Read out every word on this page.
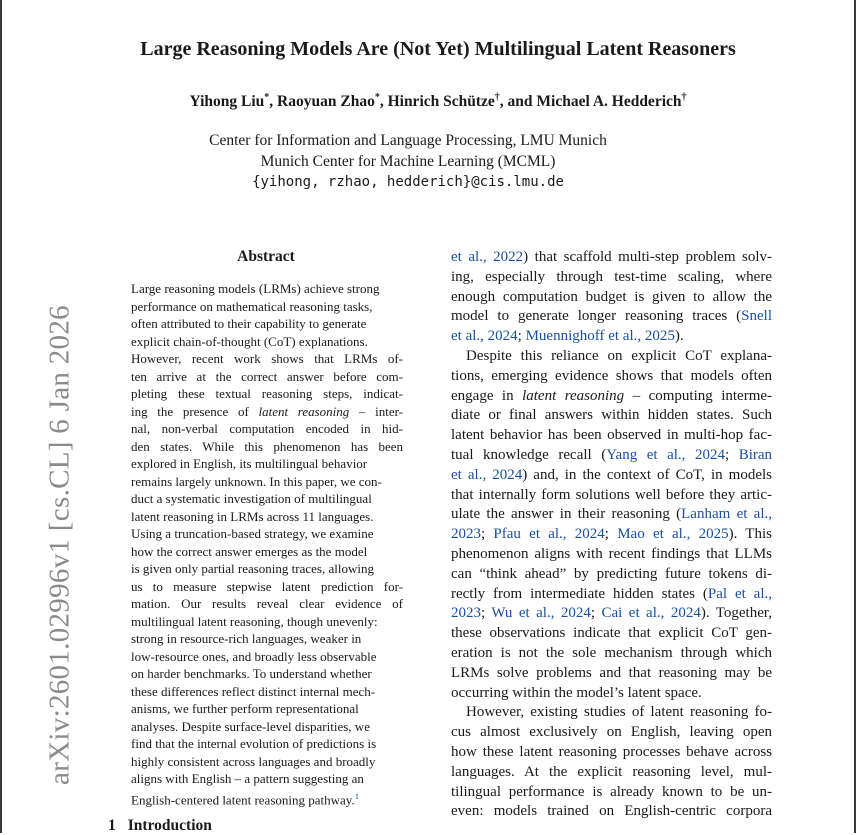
arXiv:2601.02996v1 [cs.CL] 6 Jan 2026
Large Reasoning Models Are (Not Yet) Multilingual Latent Reasoners
Yihong Liu*, Raoyuan Zhao*, Hinrich Schütze†, and Michael A. Hedderich†
Center for Information and Language Processing, LMU Munich
Munich Center for Machine Learning (MCML)
{yihong, rzhao, hedderich}@cis.lmu.de
Abstract
Large reasoning models (LRMs) achieve strong
performance on mathematical reasoning tasks,
often attributed to their capability to generate
explicit chain-of-thought (CoT) explanations.
However, recent work shows that LRMs of-
ten arrive at the correct answer before com-
pleting these textual reasoning steps, indicat-
ing the presence of latent reasoning – inter-
nal, non-verbal computation encoded in hid-
den states. While this phenomenon has been
explored in English, its multilingual behavior
remains largely unknown. In this paper, we con-
duct a systematic investigation of multilingual
latent reasoning in LRMs across 11 languages.
Using a truncation-based strategy, we examine
how the correct answer emerges as the model
is given only partial reasoning traces, allowing
us to measure stepwise latent prediction for-
mation. Our results reveal clear evidence of
multilingual latent reasoning, though unevenly:
strong in resource-rich languages, weaker in
low-resource ones, and broadly less observable
on harder benchmarks. To understand whether
these differences reflect distinct internal mech-
anisms, we further perform representational
analyses. Despite surface-level disparities, we
find that the internal evolution of predictions is
highly consistent across languages and broadly
aligns with English – a pattern suggesting an
English-centered latent reasoning pathway.$^1$
1 Introduction
et al., 2022) that scaffold multi-step problem solv-
ing, especially through test-time scaling, where
enough computation budget is given to allow the
model to generate longer reasoning traces (Snell
et al., 2024; Muennighoff et al., 2025).
Despite this reliance on explicit CoT explana-
tions, emerging evidence shows that models often
engage in latent reasoning – computing interme-
diate or final answers within hidden states. Such
latent behavior has been observed in multi-hop fac-
tual knowledge recall (Yang et al., 2024; Biran
et al., 2024) and, in the context of CoT, in models
that internally form solutions well before they artic-
ulate the answer in their reasoning (Lanham et al.,
2023; Pfau et al., 2024; Mao et al., 2025). This
phenomenon aligns with recent findings that LLMs
can “think ahead” by predicting future tokens di-
rectly from intermediate hidden states (Pal et al.,
2023; Wu et al., 2024; Cai et al., 2024). Together,
these observations indicate that explicit CoT gen-
eration is not the sole mechanism through which
LRMs solve problems and that reasoning may be
occurring within the model’s latent space.
However, existing studies of latent reasoning fo-
cus almost exclusively on English, leaving open
how these latent reasoning processes behave across
languages. At the explicit reasoning level, mul-
tilingual performance is already known to be un-
even: models trained on English-centric corpora
